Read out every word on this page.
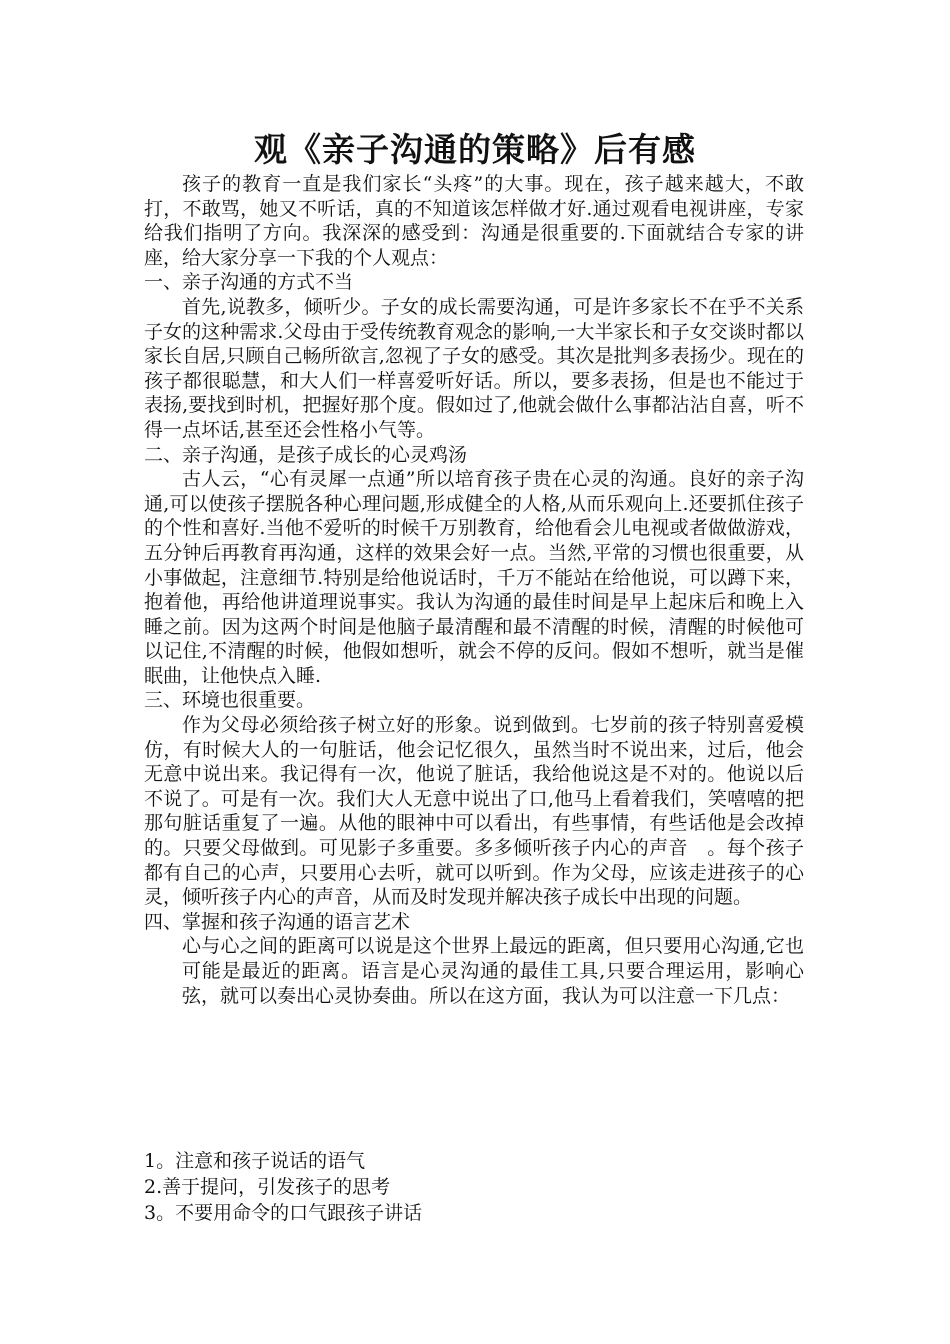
观《亲子沟通的策略》后有感

孩子的教育一直是我们家长“头疼”的大事。现在，孩子越来越大，不敢打，不敢骂，她又不听话，真的不知道该怎样做才好.通过观看电视讲座，专家给我们指明了方向。我深深的感受到：沟通是很重要的.下面就结合专家的讲座，给大家分享一下我的个人观点：

一、亲子沟通的方式不当

首先,说教多，倾听少。子女的成长需要沟通，可是许多家长不在乎不关系子女的这种需求.父母由于受传统教育观念的影响,一大半家长和子女交谈时都以家长自居,只顾自己畅所欲言,忽视了子女的感受。其次是批判多表扬少。现在的孩子都很聪慧，和大人们一样喜爱听好话。所以，要多表扬，但是也不能过于表扬,要找到时机，把握好那个度。假如过了,他就会做什么事都沾沾自喜，听不得一点坏话,甚至还会性格小气等。

二、亲子沟通，是孩子成长的心灵鸡汤

古人云，“心有灵犀一点通”所以培育孩子贵在心灵的沟通。良好的亲子沟通,可以使孩子摆脱各种心理问题,形成健全的人格,从而乐观向上.还要抓住孩子的个性和喜好.当他不爱听的时候千万别教育，给他看会儿电视或者做做游戏，五分钟后再教育再沟通，这样的效果会好一点。当然,平常的习惯也很重要，从小事做起，注意细节.特别是给他说话时，千万不能站在给他说，可以蹲下来，抱着他，再给他讲道理说事实。我认为沟通的最佳时间是早上起床后和晚上入睡之前。因为这两个时间是他脑子最清醒和最不清醒的时候，清醒的时候他可以记住,不清醒的时候，他假如想听，就会不停的反问。假如不想听，就当是催眠曲，让他快点入睡.

三、环境也很重要。

作为父母必须给孩子树立好的形象。说到做到。七岁前的孩子特别喜爱模仿，有时候大人的一句脏话，他会记忆很久，虽然当时不说出来，过后，他会无意中说出来。我记得有一次，他说了脏话，我给他说这是不对的。他说以后不说了。可是有一次。我们大人无意中说出了口,他马上看着我们，笑嘻嘻的把那句脏话重复了一遍。从他的眼神中可以看出，有些事情，有些话他是会改掉的。只要父母做到。可见影子多重要。多多倾听孩子内心的声音　。每个孩子都有自己的心声，只要用心去听，就可以听到。作为父母，应该走进孩子的心灵，倾听孩子内心的声音，从而及时发现并解决孩子成长中出现的问题。

四、掌握和孩子沟通的语言艺术

心与心之间的距离可以说是这个世界上最远的距离，但只要用心沟通,它也可能是最近的距离。语言是心灵沟通的最佳工具,只要合理运用，影响心弦，就可以奏出心灵协奏曲。所以在这方面，我认为可以注意一下几点：

1。注意和孩子说话的语气

2.善于提问，引发孩子的思考

3。不要用命令的口气跟孩子讲话
